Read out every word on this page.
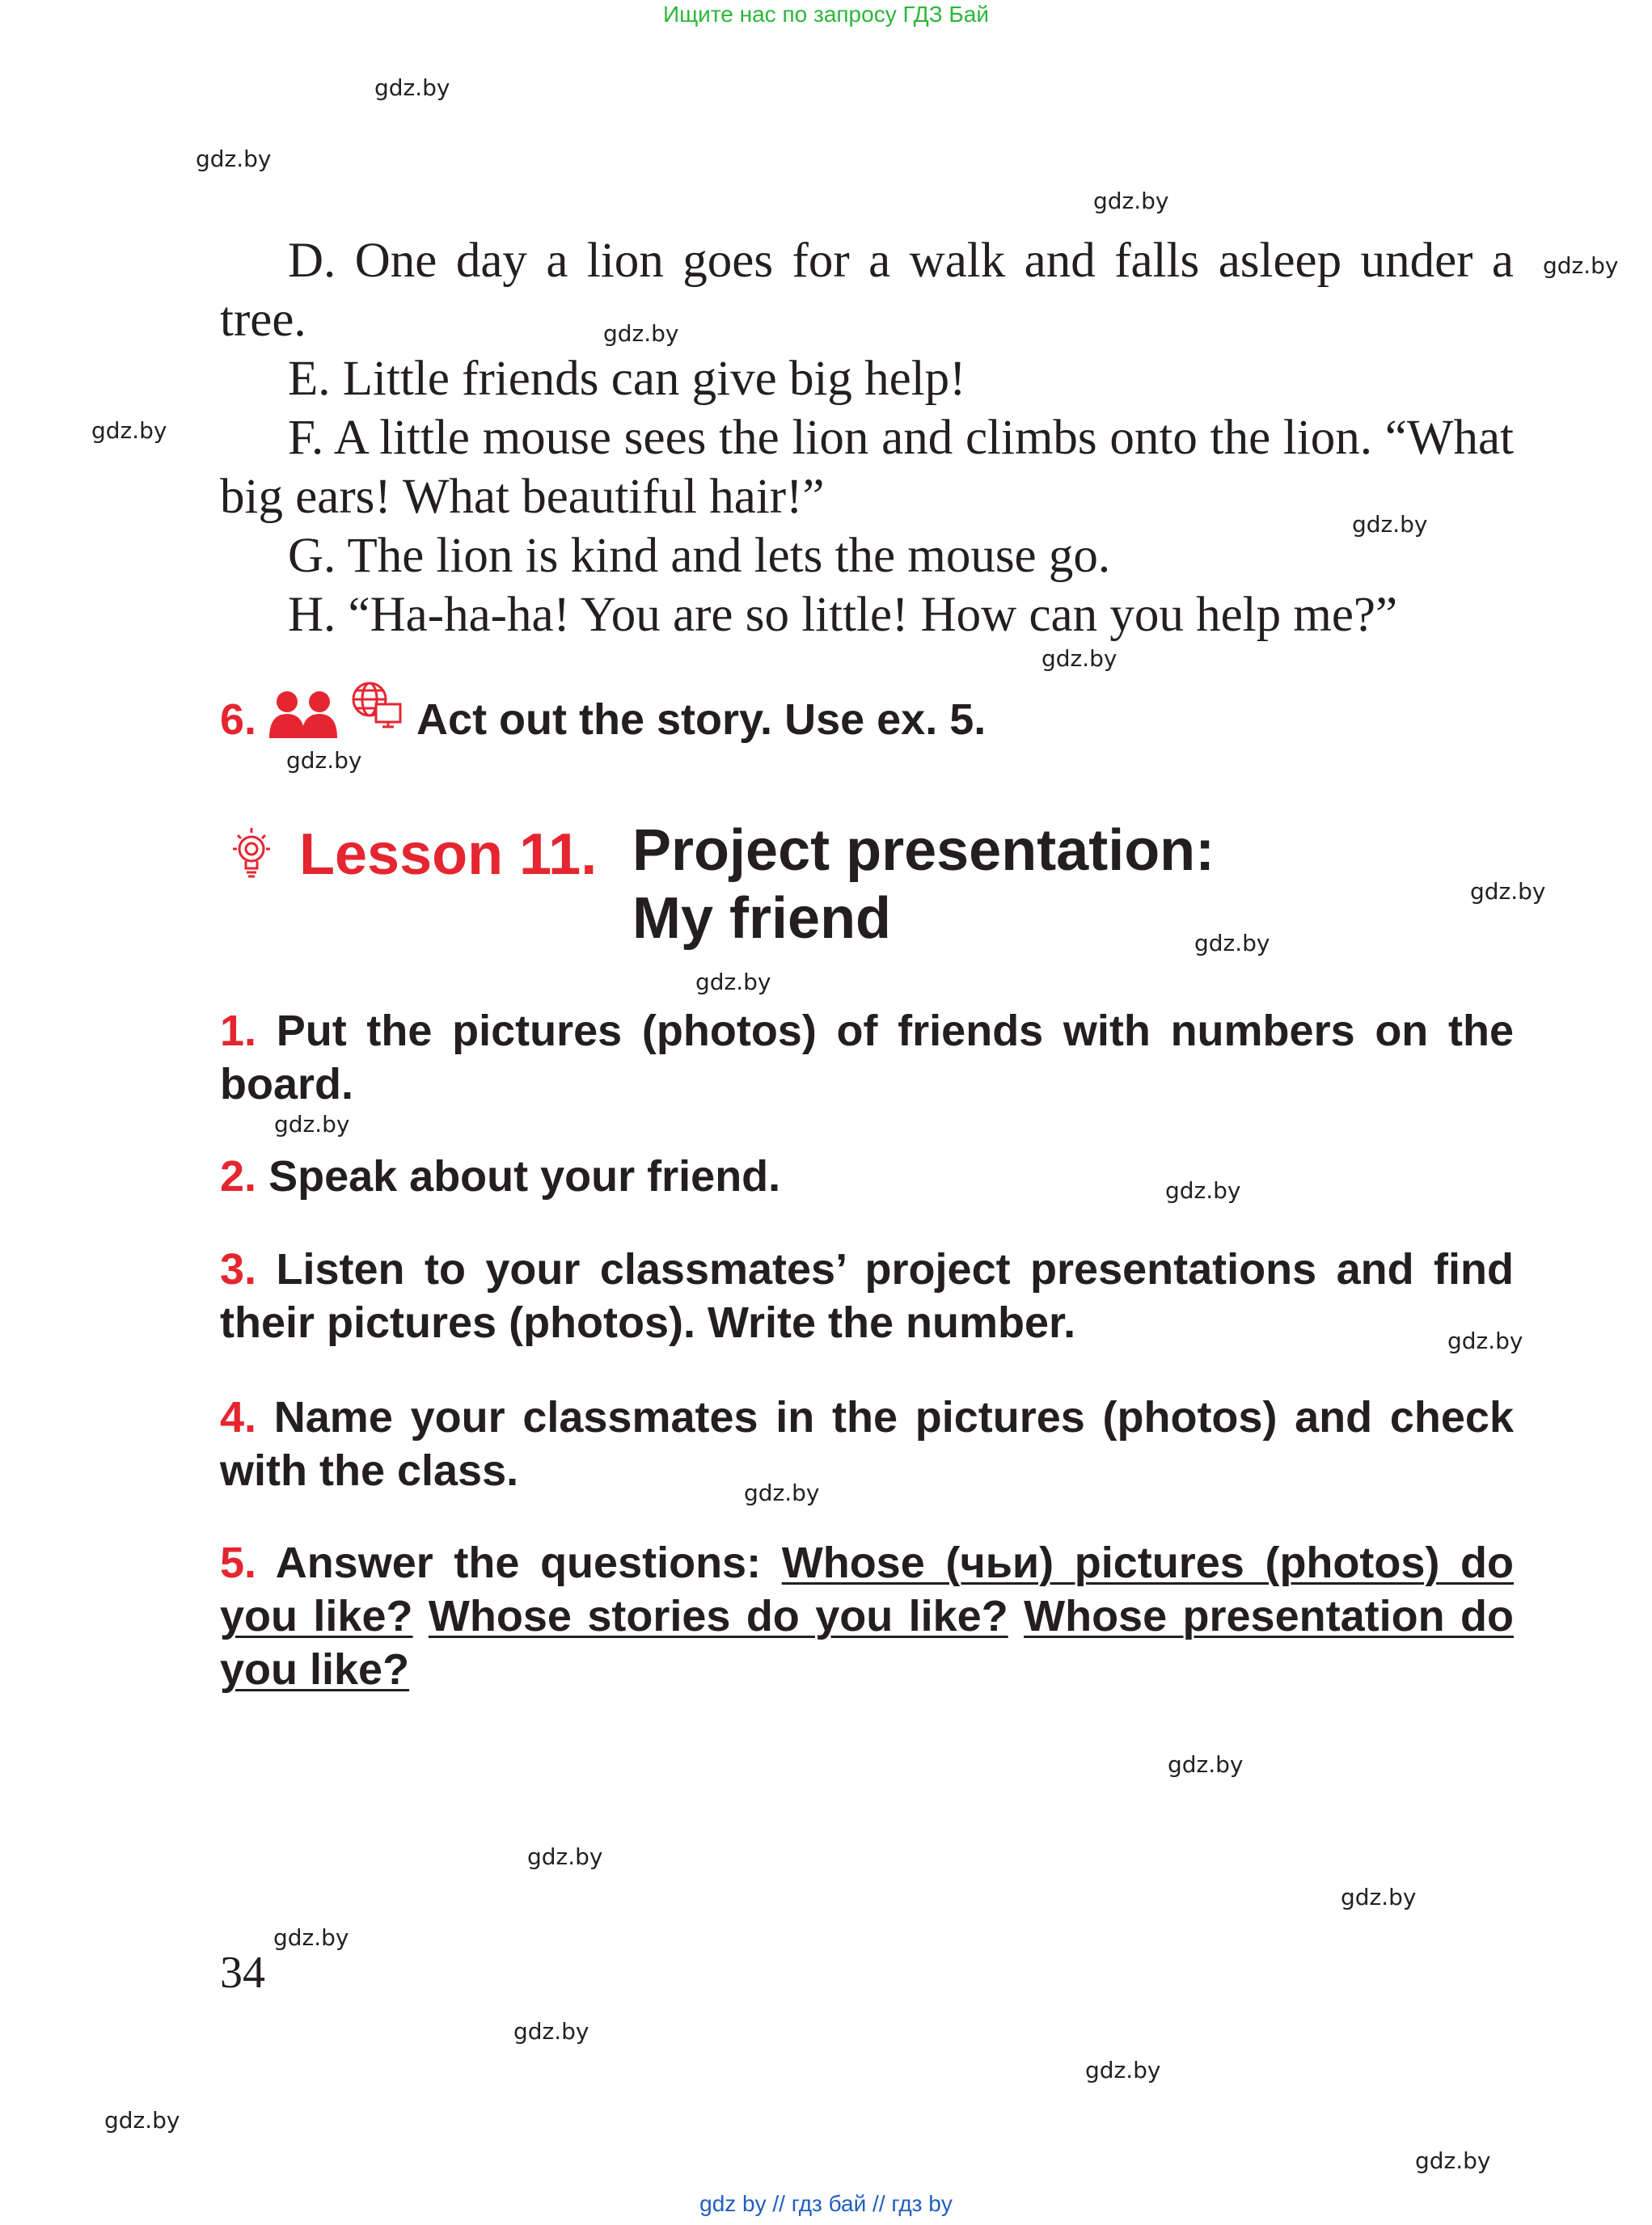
Ищите нас по запросу ГДЗ Бай

D. One day a lion goes for a walk and falls asleep under a tree.

E. Little friends can give big help!

F. A little mouse sees the lion and climbs onto the lion. “What big ears! What beautiful hair!”

G. The lion is kind and lets the mouse go.

H. “Ha-ha-ha! You are so little! How can you help me?”

6.	Act out the story. Use ex. 5.
Lesson 11. Project presentation:
My friend

1. Put the pictures (photos) of friends with numbers on the board.

2. Speak about your friend.

3. Listen to your classmates’ project presentations and find their pictures (photos). Write the number.

4. Name your classmates in the pictures (photos) and check with the class.

5. Answer the questions: Whose (чьи) pictures (photos) do you like? Whose stories do you like? Whose presentation do you like?

34
gdz.by
gdz.by
gdz.by
gdz.by
gdz.by
gdz.by
gdz.by
gdz.by
gdz.by
gdz.by
gdz.by
gdz.by
gdz.by
gdz.by
gdz.by
gdz.by
gdz.by
gdz.by
gdz.by
gdz.by
gdz.by
gdz.by
gdz.by
gdz.by
gdz by // гдз бай // гдз by
